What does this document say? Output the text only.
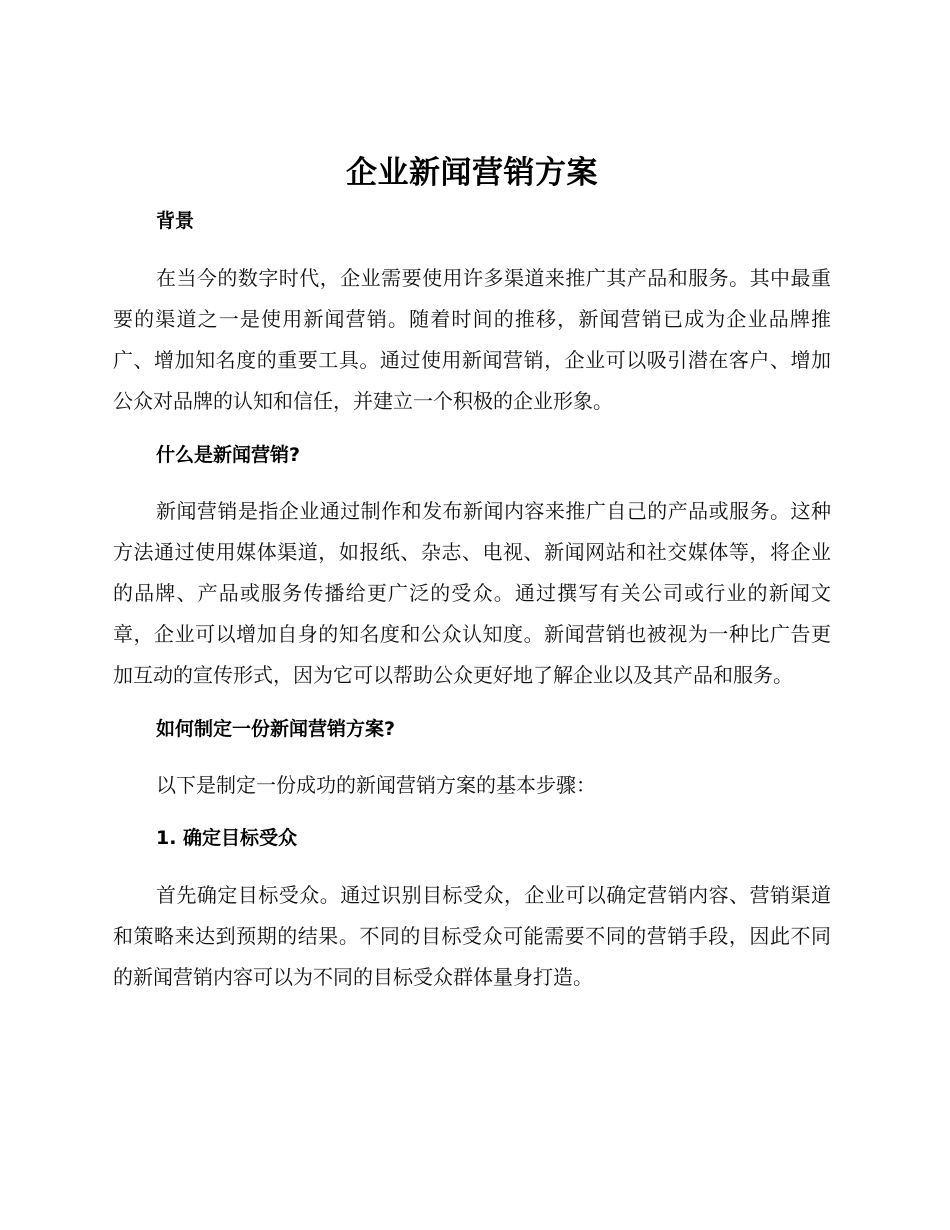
企业新闻营销方案
背景

在当今的数字时代，企业需要使用许多渠道来推广其产品和服务。其中最重要的渠道之一是使用新闻营销。随着时间的推移，新闻营销已成为企业品牌推广、增加知名度的重要工具。通过使用新闻营销，企业可以吸引潜在客户、增加公众对品牌的认知和信任，并建立一个积极的企业形象。

什么是新闻营销?

新闻营销是指企业通过制作和发布新闻内容来推广自己的产品或服务。这种方法通过使用媒体渠道，如报纸、杂志、电视、新闻网站和社交媒体等，将企业的品牌、产品或服务传播给更广泛的受众。通过撰写有关公司或行业的新闻文章，企业可以增加自身的知名度和公众认知度。新闻营销也被视为一种比广告更加互动的宣传形式，因为它可以帮助公众更好地了解企业以及其产品和服务。

如何制定一份新闻营销方案?

以下是制定一份成功的新闻营销方案的基本步骤：

1. 确定目标受众

首先确定目标受众。通过识别目标受众，企业可以确定营销内容、营销渠道和策略来达到预期的结果。不同的目标受众可能需要不同的营销手段，因此不同的新闻营销内容可以为不同的目标受众群体量身打造。
